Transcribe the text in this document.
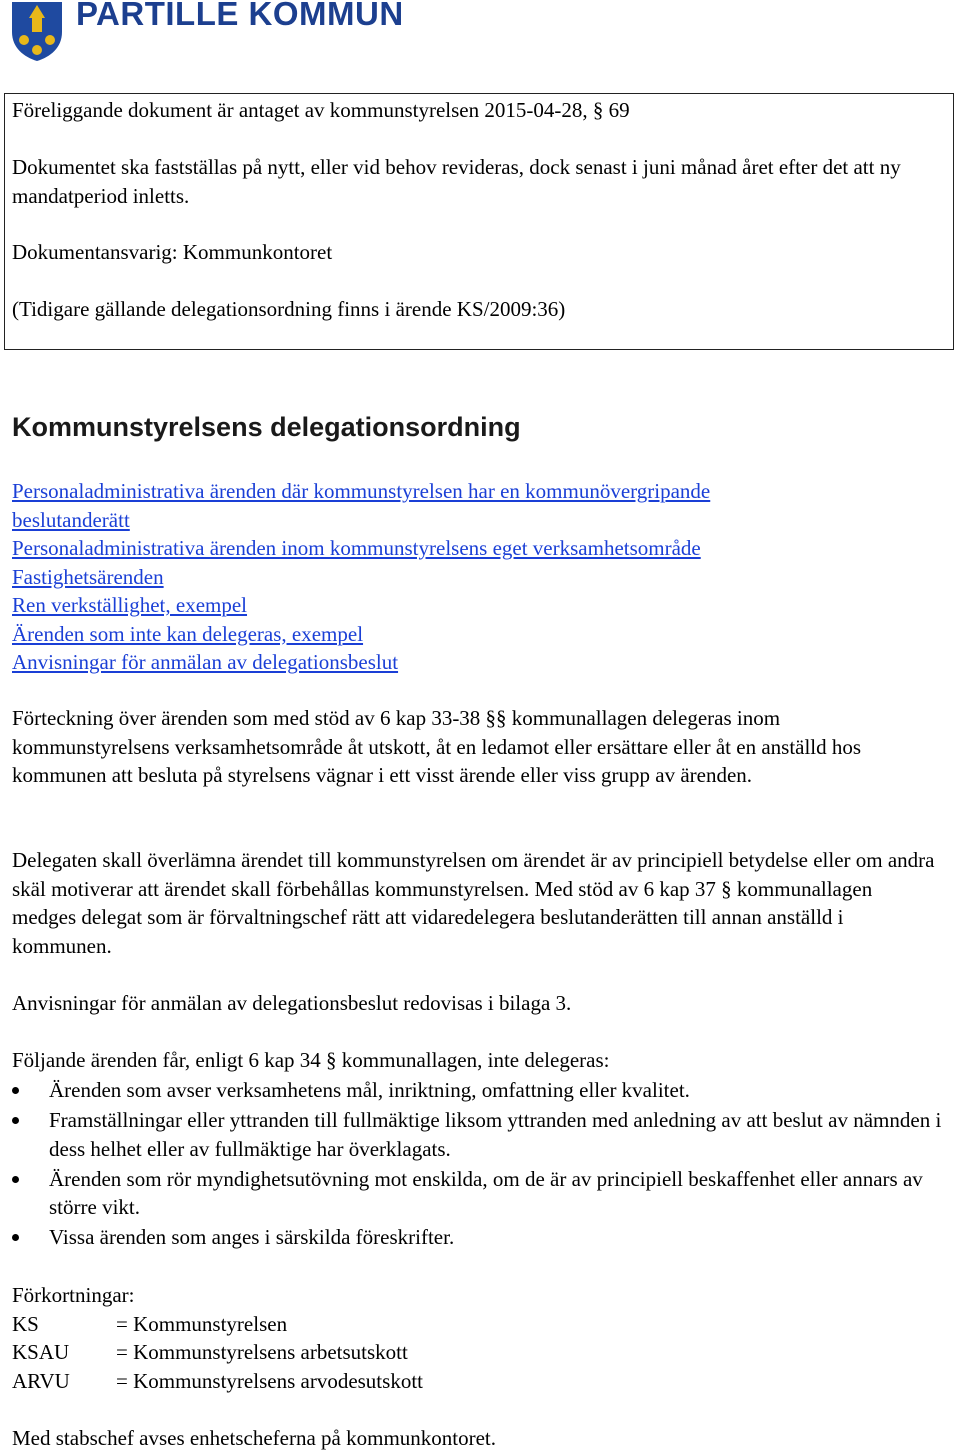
PARTILLE KOMMUN

Föreliggande dokument är antaget av kommunstyrelsen 2015-04-28, § 69

Dokumentet ska fastställas på nytt, eller vid behov revideras, dock senast i juni månad året efter det att ny mandatperiod inletts.

Dokumentansvarig: Kommunkontoret

(Tidigare gällande delegationsordning finns i ärende KS/2009:36)

Kommunstyrelsens delegationsordning
Personaladministrativa ärenden där kommunstyrelsen har en kommunövergripande
beslutanderätt
Personaladministrativa ärenden inom kommunstyrelsens eget verksamhetsområde
Fastighetsärenden
Ren verkställighet, exempel
Ärenden som inte kan delegeras, exempel
Anvisningar för anmälan av delegationsbeslut

Förteckning över ärenden som med stöd av 6 kap 33-38 §§ kommunallagen delegeras inom kommunstyrelsens verksamhetsområde åt utskott, åt en ledamot eller ersättare eller åt en anställd hos kommunen att besluta på styrelsens vägnar i ett visst ärende eller viss grupp av ärenden.

Delegaten skall överlämna ärendet till kommunstyrelsen om ärendet är av principiell betydelse eller om andra skäl motiverar att ärendet skall förbehållas kommunstyrelsen. Med stöd av 6 kap 37 § kommunallagen medges delegat som är förvaltningschef rätt att vidaredelegera beslutanderätten till annan anställd i kommunen.

Anvisningar för anmälan av delegationsbeslut redovisas i bilaga 3.

Följande ärenden får, enligt 6 kap 34 § kommunallagen, inte delegeras:

Ärenden som avser verksamhetens mål, inriktning, omfattning eller kvalitet.
Framställningar eller yttranden till fullmäktige liksom yttranden med anledning av att beslut av nämnden i dess helhet eller av fullmäktige har överklagats.
Ärenden som rör myndighetsutövning mot enskilda, om de är av principiell beskaffenhet eller annars av större vikt.
Vissa ärenden som anges i särskilda föreskrifter.
Förkortningar:
KS	= Kommunstyrelsen
KSAU	= Kommunstyrelsens arbetsutskott
ARVU	= Kommunstyrelsens arvodesutskott

Med stabschef avses enhetscheferna på kommunkontoret.
